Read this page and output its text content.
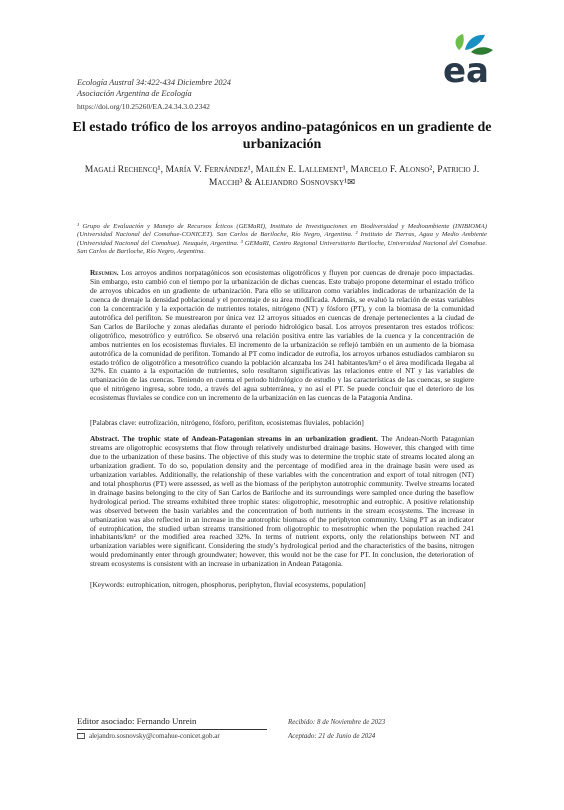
ea
Ecología Austral 34:422-434 Diciembre 2024
Asociación Argentina de Ecología
https://doi.org/10.25260/EA.24.34.3.0.2342
El estado trófico de los arroyos andino-patagónicos en un gradiente de urbanización
Magalí Rechencq¹, María V. Fernández¹, Mailén E. Lallement¹, Marcelo F. Alonso², Patricio J. Macchi³ & Alejandro Sosnovsky¹✉
¹ Grupo de Evaluación y Manejo de Recursos Ícticos (GEMaRI), Instituto de Investigaciones en Biodiversidad y Medioambiente (INIBIOMA) (Universidad Nacional del Comahue-CONICET). San Carlos de Bariloche, Río Negro, Argentina. ² Instituto de Tierras, Agua y Medio Ambiente (Universidad Nacional del Comahue). Neuquén, Argentina. ³ GEMaRI, Centro Regional Universitario Bariloche, Universidad Nacional del Comahue. San Carlos de Bariloche, Río Negro, Argentina.
Resumen. Los arroyos andinos norpatagónicos son ecosistemas oligotróficos y fluyen por cuencas de drenaje poco impactadas. Sin embargo, esto cambió con el tiempo por la urbanización de dichas cuencas. Este trabajo propone determinar el estado trófico de arroyos ubicados en un gradiente de urbanización. Para ello se utilizaron como variables indicadoras de urbanización de la cuenca de drenaje la densidad poblacional y el porcentaje de su área modificada. Además, se evaluó la relación de estas variables con la concentración y la exportación de nutrientes totales, nitrógeno (NT) y fósforo (PT), y con la biomasa de la comunidad autotrófica del perifiton. Se muestrearon por única vez 12 arroyos situados en cuencas de drenaje pertenecientes a la ciudad de San Carlos de Bariloche y zonas aledañas durante el periodo hidrológico basal. Los arroyos presentaron tres estados tróficos: oligotrófico, mesotrófico y eutrófico. Se observó una relación positiva entre las variables de la cuenca y la concentración de ambos nutrientes en los ecosistemas fluviales. El incremento de la urbanización se reflejó también en un aumento de la biomasa autotrófica de la comunidad de perifiton. Tomando al PT como indicador de eutrofia, los arroyos urbanos estudiados cambiaron su estado trófico de oligotrófico a mesotrófico cuando la población alcanzaba los 241 habitantes/km² o el área modificada llegaba al 32%. En cuanto a la exportación de nutrientes, solo resultaron significativas las relaciones entre el NT y las variables de urbanización de las cuencas. Teniendo en cuenta el periodo hidrológico de estudio y las características de las cuencas, se sugiere que el nitrógeno ingresa, sobre todo, a través del agua subterránea, y no así el PT. Se puede concluir que el deterioro de los ecosistemas fluviales se condice con un incremento de la urbanización en las cuencas de la Patagonia Andina.
[Palabras clave: eutrofización, nitrógeno, fósforo, perifiton, ecosistemas fluviales, población]
Abstract. The trophic state of Andean-Patagonian streams in an urbanization gradient. The Andean-North Patagonian streams are oligotrophic ecosystems that flow through relatively undisturbed drainage basins. However, this changed with time due to the urbanization of these basins. The objective of this study was to determine the trophic state of streams located along an urbanization gradient. To do so, population density and the percentage of modified area in the drainage basin were used as urbanization variables. Additionally, the relationship of these variables with the concentration and export of total nitrogen (NT) and total phosphorus (PT) were assessed, as well as the biomass of the periphyton autotrophic community. Twelve streams located in drainage basins belonging to the city of San Carlos de Bariloche and its surroundings were sampled once during the baseflow hydrological period. The streams exhibited three trophic states: oligotrophic, mesotrophic and eutrophic. A positive relationship was observed between the basin variables and the concentration of both nutrients in the stream ecosystems. The increase in urbanization was also reflected in an increase in the autotrophic biomass of the periphyton community. Using PT as an indicator of eutrophication, the studied urban streams transitioned from oligotrophic to mesotrophic when the population reached 241 inhabitants/km² or the modified area reached 32%. In terms of nutrient exports, only the relationships between NT and urbanization variables were significant. Considering the study’s hydrological period and the characteristics of the basins, nitrogen would predominantly enter through groundwater; however, this would not be the case for PT. In conclusion, the deterioration of stream ecosystems is consistent with an increase in urbanization in Andean Patagonia.
[Keywords: eutrophication, nitrogen, phosphorus, periphyton, fluvial ecosystems, population]
Editor asociado: Fernando Unrein
alejandro.sosnovsky@comahue-conicet.gob.ar
Recibido: 8 de Noviembre de 2023
Aceptado: 21 de Junio de 2024
